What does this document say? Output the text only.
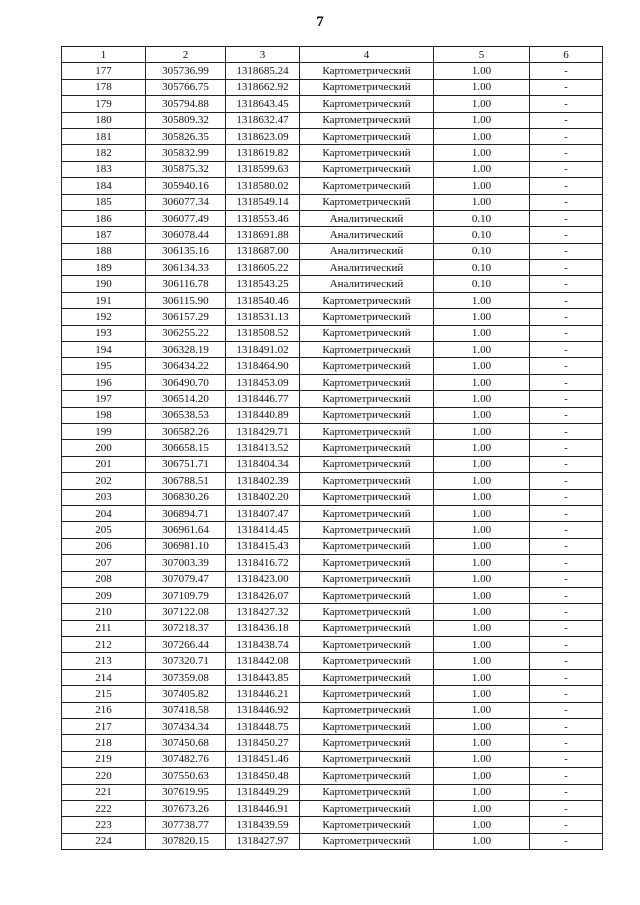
7
1	2	3	4	5	6
177	305736.99	1318685.24	Картометрический	1.00	-
178	305766.75	1318662.92	Картометрический	1.00	-
179	305794.88	1318643.45	Картометрический	1.00	-
180	305809.32	1318632.47	Картометрический	1.00	-
181	305826.35	1318623.09	Картометрический	1.00	-
182	305832.99	1318619.82	Картометрический	1.00	-
183	305875.32	1318599.63	Картометрический	1.00	-
184	305940.16	1318580.02	Картометрический	1.00	-
185	306077.34	1318549.14	Картометрический	1.00	-
186	306077.49	1318553.46	Аналитический	0.10	-
187	306078.44	1318691.88	Аналитический	0.10	-
188	306135.16	1318687.00	Аналитический	0.10	-
189	306134.33	1318605.22	Аналитический	0.10	-
190	306116.78	1318543.25	Аналитический	0.10	-
191	306115.90	1318540.46	Картометрический	1.00	-
192	306157.29	1318531.13	Картометрический	1.00	-
193	306255.22	1318508.52	Картометрический	1.00	-
194	306328.19	1318491.02	Картометрический	1.00	-
195	306434.22	1318464.90	Картометрический	1.00	-
196	306490.70	1318453.09	Картометрический	1.00	-
197	306514.20	1318446.77	Картометрический	1.00	-
198	306538.53	1318440.89	Картометрический	1.00	-
199	306582.26	1318429.71	Картометрический	1.00	-
200	306658.15	1318413.52	Картометрический	1.00	-
201	306751.71	1318404.34	Картометрический	1.00	-
202	306788.51	1318402.39	Картометрический	1.00	-
203	306830.26	1318402.20	Картометрический	1.00	-
204	306894.71	1318407.47	Картометрический	1.00	-
205	306961.64	1318414.45	Картометрический	1.00	-
206	306981.10	1318415.43	Картометрический	1.00	-
207	307003.39	1318416.72	Картометрический	1.00	-
208	307079.47	1318423.00	Картометрический	1.00	-
209	307109.79	1318426.07	Картометрический	1.00	-
210	307122.08	1318427.32	Картометрический	1.00	-
211	307218.37	1318436.18	Картометрический	1.00	-
212	307266.44	1318438.74	Картометрический	1.00	-
213	307320.71	1318442.08	Картометрический	1.00	-
214	307359.08	1318443.85	Картометрический	1.00	-
215	307405.82	1318446.21	Картометрический	1.00	-
216	307418.58	1318446.92	Картометрический	1.00	-
217	307434.34	1318448.75	Картометрический	1.00	-
218	307450.68	1318450.27	Картометрический	1.00	-
219	307482.76	1318451.46	Картометрический	1.00	-
220	307550.63	1318450.48	Картометрический	1.00	-
221	307619.95	1318449.29	Картометрический	1.00	-
222	307673.26	1318446.91	Картометрический	1.00	-
223	307738.77	1318439.59	Картометрический	1.00	-
224	307820.15	1318427.97	Картометрический	1.00	-
